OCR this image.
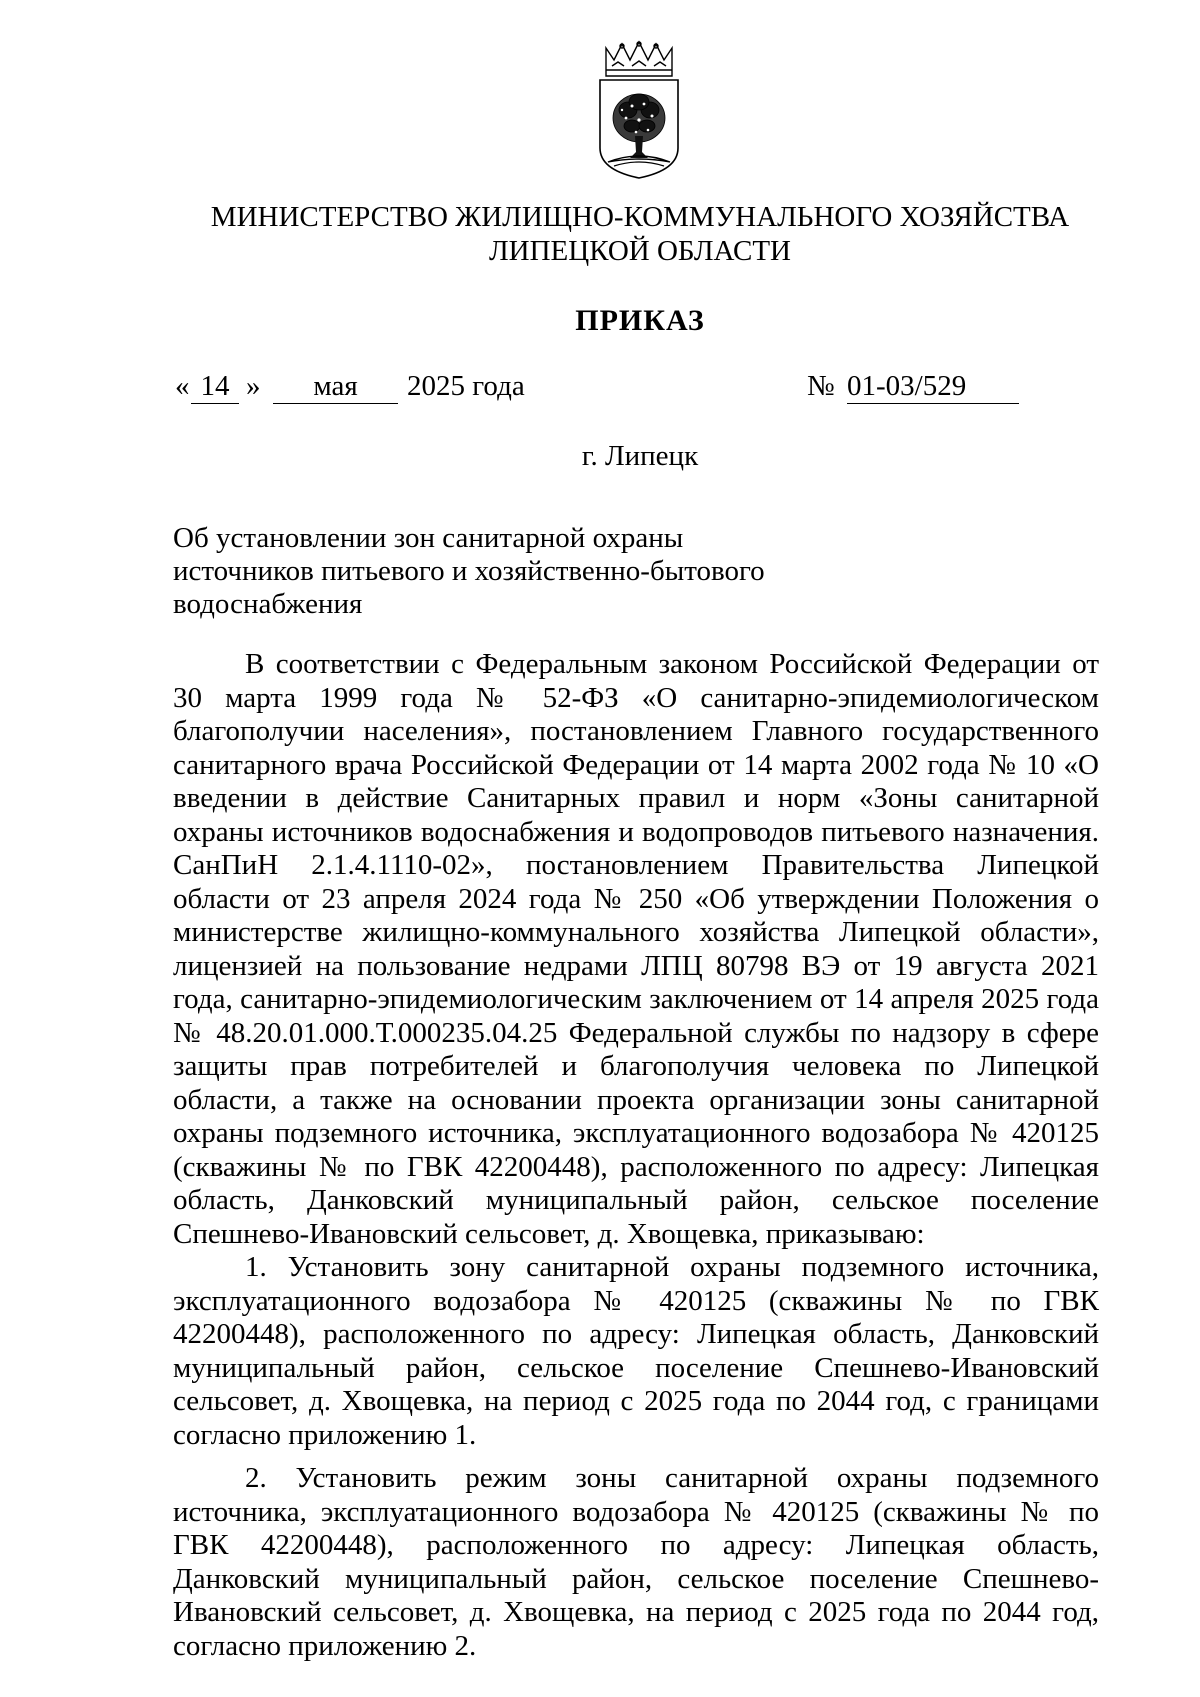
МИНИСТЕРСТВО ЖИЛИЩНО-КОММУНАЛЬНОГО ХОЗЯЙСТВА
ЛИПЕЦКОЙ ОБЛАСТИ
ПРИКАЗ
« 14 »	мая	2025 года	№ 01-03/529
г. Липецк
Об установлении зон санитарной охраны
источников питьевого и хозяйственно-бытового
водоснабжения

В соответствии с Федеральным законом Российской Федерации от 30 марта 1999 года № 52-ФЗ «О санитарно-эпидемиологическом благополучии населения», постановлением Главного государственного санитарного врача Российской Федерации от 14 марта 2002 года № 10 «О введении в действие Санитарных правил и норм «Зоны санитарной охраны источников водоснабжения и водопроводов питьевого назначения. СанПиН 2.1.4.1110-02», постановлением Правительства Липецкой области от 23 апреля 2024 года № 250 «Об утверждении Положения о министерстве жилищно-коммунального хозяйства Липецкой области», лицензией на пользование недрами ЛПЦ 80798 ВЭ от 19 августа 2021 года, санитарно-эпидемиологическим заключением от 14 апреля 2025 года № 48.20.01.000.Т.000235.04.25 Федеральной службы по надзору в сфере защиты прав потребителей и благополучия человека по Липецкой области, а также на основании проекта организации зоны санитарной охраны подземного источника, эксплуатационного водозабора № 420125 (скважины № по ГВК 42200448), расположенного по адресу: Липецкая область, Данковский муниципальный район, сельское поселение Спешнево-Ивановский сельсовет, д. Хвощевка, приказываю:

1. Установить зону санитарной охраны подземного источника, эксплуатационного водозабора № 420125 (скважины № по ГВК 42200448), расположенного по адресу: Липецкая область, Данковский муниципальный район, сельское поселение Спешнево-Ивановский сельсовет, д. Хвощевка, на период с 2025 года по 2044 год, с границами согласно приложению 1.

2. Установить режим зоны санитарной охраны подземного источника, эксплуатационного водозабора № 420125 (скважины № по ГВК 42200448), расположенного по адресу: Липецкая область, Данковский муниципальный район, сельское поселение Спешнево-Ивановский сельсовет, д. Хвощевка, на период с 2025 года по 2044 год, согласно приложению 2.
